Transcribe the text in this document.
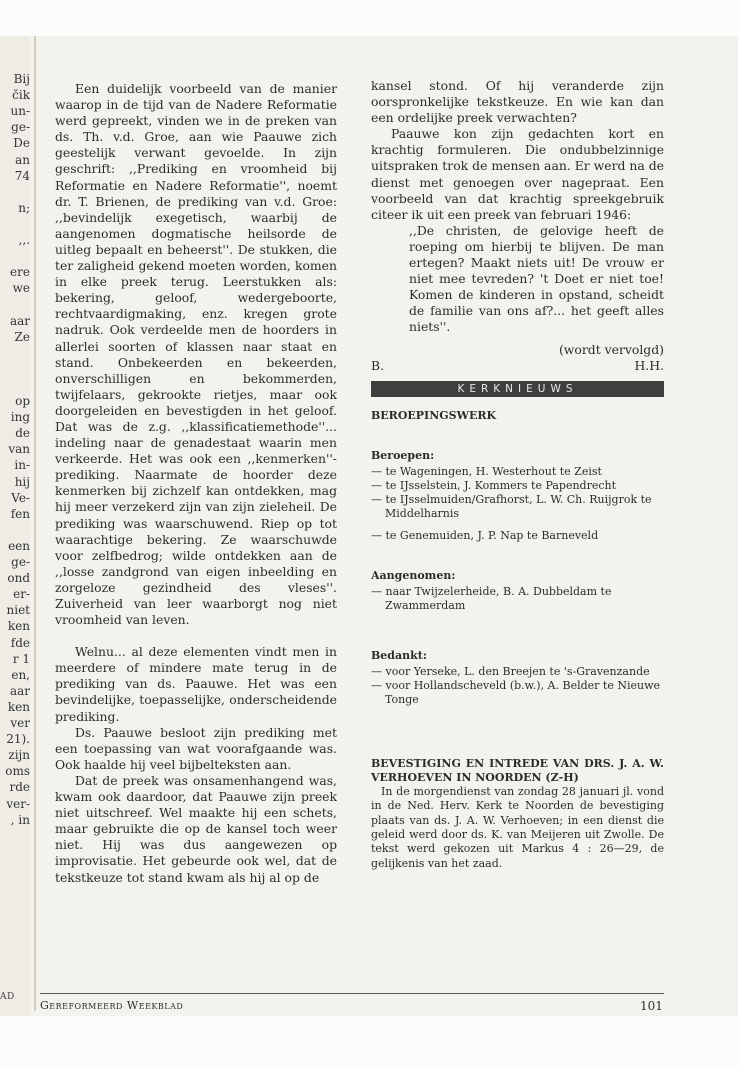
AD
Bij
čik
un-
ge-
De
an
74
n;
,,.
ere
we
aar
Ze
op
ing
de
van
in-
hij
Ve-
fen
een
ge-
ond
er-
niet
ken
fde
r 1
en,
aar
ken
ver
21).
zijn
oms
rde
ver-
, in

Een duidelijk voorbeeld van de manier waarop in de tijd van de Nadere Reformatie werd gepreekt, vinden we in de preken van ds. Th. v.d. Groe, aan wie Paauwe zich geestelijk verwant gevoelde. In zijn geschrift: ,,Prediking en vroomheid bij Reformatie en Nadere Reformatie'', noemt dr. T. Brienen, de prediking van v.d. Groe: ,,bevindelijk exegetisch, waarbij de aangenomen dogmatische heilsorde de uitleg bepaalt en beheerst''. De stukken, die ter zaligheid gekend moeten worden, komen in elke preek terug. Leerstukken als: bekering, geloof, wedergeboorte, rechtvaardigmaking, enz. kregen grote nadruk. Ook verdeelde men de hoorders in allerlei soorten of klassen naar staat en stand. Onbekeerden en bekeerden, onverschilligen en bekommerden, twijfelaars, gekrookte rietjes, maar ook doorgeleiden en bevestigden in het geloof. Dat was de z.g. ,,klassificatiemethode''... indeling naar de genadestaat waarin men verkeerde. Het was ook een ,,kenmerken''-prediking. Naarmate de hoorder deze kenmerken bij zichzelf kan ontdekken, mag hij meer verzekerd zijn van zijn zieleheil. De prediking was waarschuwend. Riep op tot waarachtige bekering. Ze waarschuwde voor zelfbedrog; wilde ontdekken aan de ,,losse zandgrond van eigen inbeelding en zorgeloze gezindheid des vleses''. Zuiverheid van leer waarborgt nog niet vroomheid van leven.

Welnu... al deze elementen vindt men in meerdere of mindere mate terug in de prediking van ds. Paauwe. Het was een bevindelijke, toepasselijke, onderscheidende prediking.

Ds. Paauwe besloot zijn prediking met een toepassing van wat voorafgaande was. Ook haalde hij veel bijbelteksten aan.

Dat de preek was onsamenhangend was, kwam ook daardoor, dat Paauwe zijn preek niet uitschreef. Wel maakte hij een schets, maar gebruikte die op de kansel toch weer niet. Hij was dus aangewezen op improvisatie. Het gebeurde ook wel, dat de tekstkeuze tot stand kwam als hij al op de

kansel stond. Of hij veranderde zijn oorspronkelijke tekstkeuze. En wie kan dan een ordelijke preek verwachten?

Paauwe kon zijn gedachten kort en krachtig formuleren. Die ondubbelzinnige uitspraken trok de mensen aan. Er werd na de dienst met genoegen over nagepraat. Een voorbeeld van dat krachtig spreekgebruik citeer ik uit een preek van februari 1946:

,,De christen, de gelovige heeft de roeping om hierbij te blijven. De man ertegen? Maakt niets uit! De vrouw er niet mee tevreden? 't Doet er niet toe! Komen de kinderen in opstand, scheidt de familie van ons af?... het geeft alles niets''.
(wordt vervolgd)
B.	H.H.
KERKNIEUWS
BEROEPINGSWERK
Beroepen:
— te Wageningen, H. Westerhout te Zeist
— te IJsselstein, J. Kommers te Papendrecht
— te IJsselmuiden/Grafhorst, L. W. Ch. Ruijgrok te Middelharnis
— te Genemuiden, J. P. Nap te Barneveld
Aangenomen:
— naar Twijzelerheide, B. A. Dubbeldam te Zwammerdam
Bedankt:
— voor Yerseke, L. den Breejen te 's-Gravenzande
— voor Hollandscheveld (b.w.), A. Belder te Nieuwe Tonge
BEVESTIGING EN INTREDE VAN DRS. J. A. W. VERHOEVEN IN NOORDEN (Z-H)

In de morgendienst van zondag 28 januari jl. vond in de Ned. Herv. Kerk te Noorden de bevestiging plaats van ds. J. A. W. Verhoeven; in een dienst die geleid werd door ds. K. van Meijeren uit Zwolle. De tekst werd gekozen uit Markus 4 : 26—29, de gelijkenis van het zaad.

Gereformeerd Weekblad	101
